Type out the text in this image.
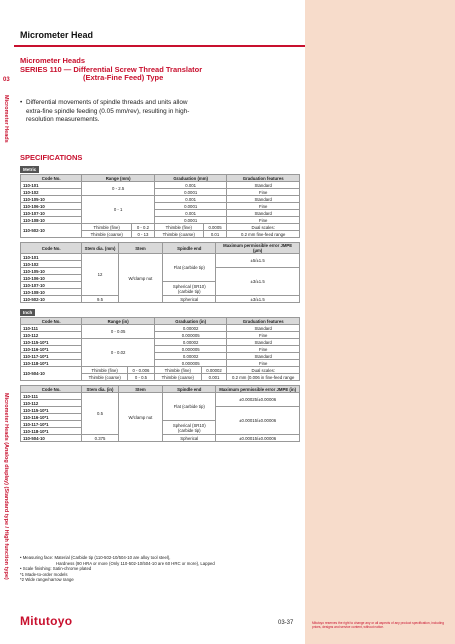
Micrometer Head
03
Micrometer Heads
Micrometer Heads (Analog display) (Standard type / High function type)
Micrometer Heads
SERIES 110 — Differential Screw Thread Translator
(Extra-Fine Feed) Type
• Differential movements of spindle threads and units allow extra-fine spindle feeding (0.05 mm/rev), resulting in high-resolution measurements.
SPECIFICATIONS
Metric
Code No.	Range (mm)		Graduation (mm)		Graduation features
110-101	0 - 2.5		0.001		Standard
110-102			0.0001		Fine
110-105-10	0 - 1		0.001		Standard
110-106-10			0.0001		Fine
110-107-10			0.001		Standard
110-108-10			0.0001		Fine
110-502-10	Thimble (fine)	0 - 0.2	Thimble (fine)	0.0005	Dual scales:
	Thimble (coarse)	0 - 13	Thimble (coarse)	0.01	0.2 mm fine-feed range
Code No.	Stem dia. (mm)	Stem	Spindle end	Maximum permissible error JMPE (µm)
110-101	12	W/clamp nut	Flat (carbide tip)	±5/±1.5
110-102				
110-105-10				±3/±1.5
110-106-10				
110-107-10			Spherical (SR10)
(carbide tip)	
110-108-10				
110-502-10	9.5		Spherical	±3/±1.5
Inch
Code No.	Range (in)		Graduation (in)		Graduation features
110-111	0 - 0.05		0.00002		Standard
110-112			0.000005		Fine
110-115-10*1	0 - 0.02		0.00002		Standard
110-116-10*1			0.000005		Fine
110-117-10*1			0.00002		Standard
110-118-10*1			0.000005		Fine
110-504-10	Thimble (fine)	0 - 0.006	Thimble (fine)	0.00002	Dual scales:
	Thimble (coarse)	0 - 0.5	Thimble (coarse)	0.001	0.2 mm (0.006 in fine-feed range
Code No.	Stem dia. (in)	Stem	Spindle end	Maximum permissible error JMPE (in)
110-111	0.5	W/clamp nut	Flat (carbide tip)	±0.00025/±0.00006
110-112				
110-115-10*1				±0.00015/±0.00006
110-116-10*1				
110-117-10*1			Spherical (SR10)
(carbide tip)	
110-118-10*1				
110-504-10	0.375		Spherical	±0.00015/±0.00006
• Measuring face: Material (Carbide tip (110-502-10/504-10 are alloy tool steel),
Hardness (90 HRA or more (Only 110-502-10/504-10 are 60 HRC or more), Lapped
• Scale finishing: Satin-chrome plated
*1 Made-to-order models
*2 Wide range/narrow range
Mitutoyo	03-37	Mitutoyo reserves the right to change any or all aspects of any product specification, including prices, designs and service content, without notice.
